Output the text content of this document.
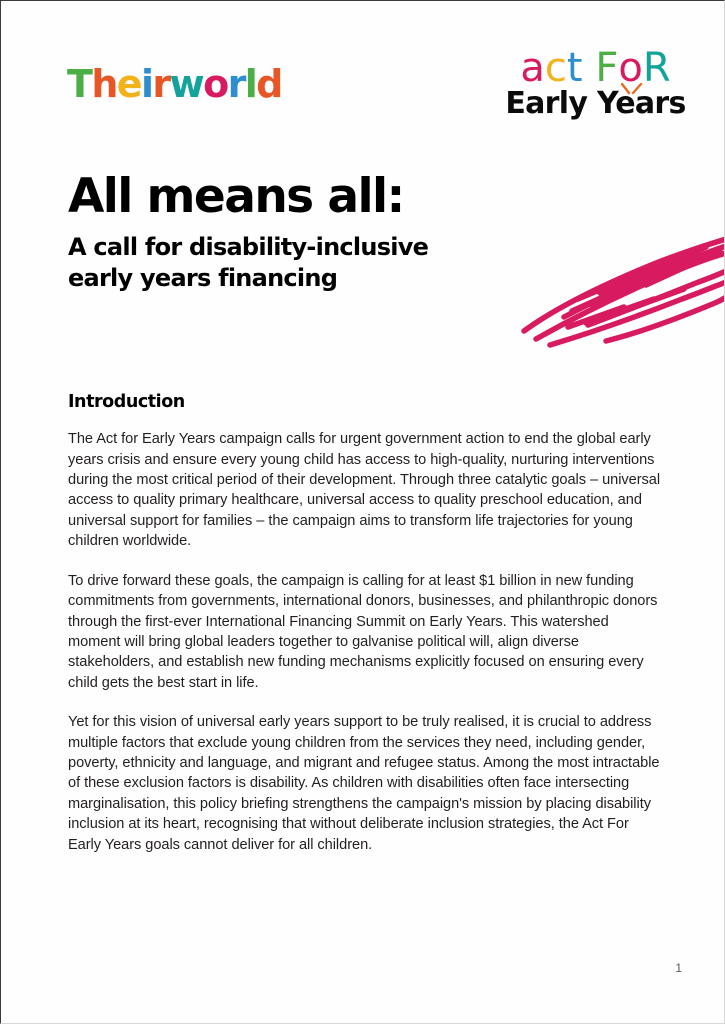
Theirworld	act FoR
Early Years
All means all:
A call for disability-inclusive early years financing
Introduction

The Act for Early Years campaign calls for urgent government action to end the global early years crisis and ensure every young child has access to high-quality, nurturing interventions during the most critical period of their development. Through three catalytic goals – universal access to quality primary healthcare, universal access to quality preschool education, and universal support for families – the campaign aims to transform life trajectories for young children worldwide.

To drive forward these goals, the campaign is calling for at least $1 billion in new funding commitments from governments, international donors, businesses, and philanthropic donors through the first-ever International Financing Summit on Early Years. This watershed moment will bring global leaders together to galvanise political will, align diverse stakeholders, and establish new funding mechanisms explicitly focused on ensuring every child gets the best start in life.

Yet for this vision of universal early years support to be truly realised, it is crucial to address multiple factors that exclude young children from the services they need, including gender, poverty, ethnicity and language, and migrant and refugee status. Among the most intractable of these exclusion factors is disability. As children with disabilities often face intersecting marginalisation, this policy briefing strengthens the campaign's mission by placing disability inclusion at its heart, recognising that without deliberate inclusion strategies, the Act For Early Years goals cannot deliver for all children.

1
